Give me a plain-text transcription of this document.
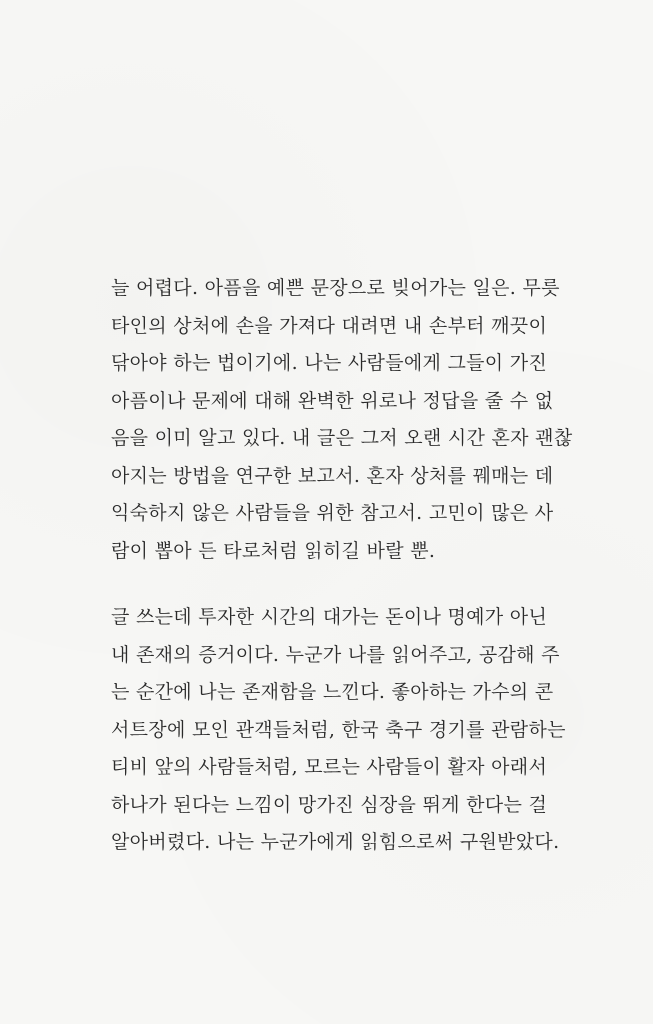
늘 어렵다. 아픔을 예쁜 문장으로 빚어가는 일은. 무릇
타인의 상처에 손을 가져다 대려면 내 손부터 깨끗이
닦아야 하는 법이기에. 나는 사람들에게 그들이 가진
아픔이나 문제에 대해 완벽한 위로나 정답을 줄 수 없
음을 이미 알고 있다. 내 글은 그저 오랜 시간 혼자 괜찮
아지는 방법을 연구한 보고서. 혼자 상처를 꿰매는 데
익숙하지 않은 사람들을 위한 참고서. 고민이 많은 사
람이 뽑아 든 타로처럼 읽히길 바랄 뿐.
글 쓰는데 투자한 시간의 대가는 돈이나 명예가 아닌
내 존재의 증거이다. 누군가 나를 읽어주고, 공감해 주
는 순간에 나는 존재함을 느낀다. 좋아하는 가수의 콘
서트장에 모인 관객들처럼, 한국 축구 경기를 관람하는
티비 앞의 사람들처럼, 모르는 사람들이 활자 아래서
하나가 된다는 느낌이 망가진 심장을 뛰게 한다는 걸
알아버렸다. 나는 누군가에게 읽힘으로써 구원받았다.
